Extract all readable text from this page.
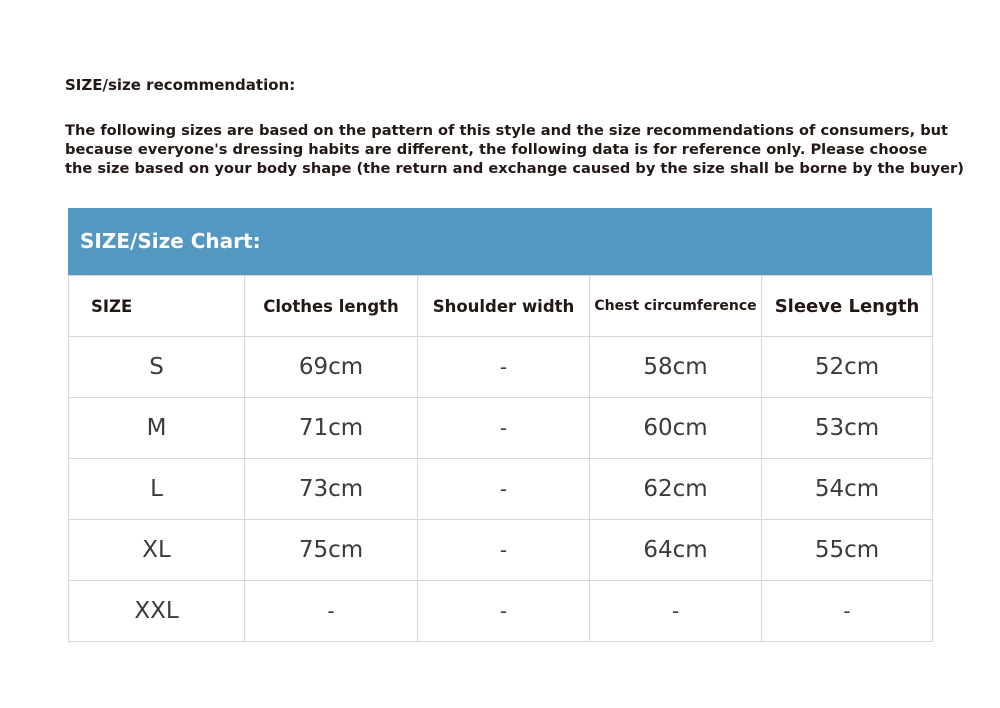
SIZE/size recommendation:
The following sizes are based on the pattern of this style and the size recommendations of consumers, but
because everyone's dressing habits are different, the following data is for reference only. Please choose
the size based on your body shape (the return and exchange caused by the size shall be borne by the buyer)
SIZE/Size Chart:
SIZE	Clothes length	Shoulder width	Chest circumference	Sleeve Length
S	69cm	-	58cm	52cm
M	71cm	-	60cm	53cm
L	73cm	-	62cm	54cm
XL	75cm	-	64cm	55cm
XXL	-	-	-	-
